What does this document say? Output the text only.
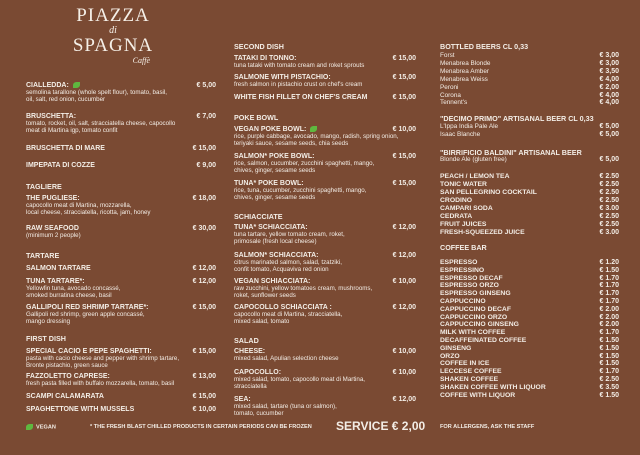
PIAZZA
di
SPAGNA
Caffè
CIALLEDDA:	€ 5,00
semolina tarallone (whole spelt flour), tomato, basil,
oil, salt, red onion, cucumber
BRUSCHETTA:	€ 7,00
tomato, rocket, oil, salt, stracciatella cheese, capocollo
meat di Martina igp, tomato confit
BRUSCHETTA DI MARE	€ 15,00
IMPEPATA DI COZZE	€ 9,00
TAGLIERE
THE PUGLIESE:	€ 18,00
capocollo meat di Martina, mozzarella,
local cheese, stracciatella, ricotta, jam, honey
RAW SEAFOOD	€ 30,00
(minimum 2 people)
TARTARE
SALMON TARTARE	€ 12,00
TUNA TARTARE*:	€ 12,00
Yellowfin tuna, avocado concassé,
smoked burratina cheese, basil
GALLIPOLI RED SHRIMP TARTARE*:	€ 15,00
Gallipoli red shrimp, green apple concassé,
mango dressing
FIRST DISH
SPECIAL CACIO E PEPE SPAGHETTI:	€ 15,00
pasta with cacio cheese and pepper with shrimp tartare,
Bronte pistachio, green sauce
FAZZOLETTO CAPRESE:	€ 13,00
fresh pasta filled with buffalo mozzarella, tomato, basil
SCAMPI CALAMARATA	€ 15,00
SPAGHETTONE WITH MUSSELS	€ 10,00
SECOND DISH
TATAKI DI TONNO:	€ 15,00
tuna tataki with tomato cream and roket sprouts
SALMONE WITH PISTACHIO:	€ 15,00
fresh salmon in pistachio crust on chef's cream
WHITE FISH FILLET ON CHEF'S CREAM	€ 15,00
POKE BOWL
VEGAN POKE BOWL:	€ 10,00
rice, purple cabbage, avocado, mango, radish, spring onion,
teriyaki sauce, sesame seeds, chia seeds
SALMON* POKE BOWL:	€ 15,00
rice, salmon, cucumber, zucchini spaghetti, mango,
chives, ginger, sesame seeds
TUNA* POKE BOWL:	€ 15,00
rice, tuna, cucumber, zucchini spaghetti, mango,
chives, ginger, sesame seeds
SCHIACCIATE
TUNA* SCHIACCIATA:	€ 12,00
tuna tartare, yellow tomato cream, roket,
primosale (fresh local cheese)
SALMON* SCHIACCIATA:	€ 12,00
citrus marinated salmon, salad, tzatziki,
confit tomato, Acquaviva red onion
VEGAN SCHIACCIATA:	€ 10,00
raw zucchini, yellow tomatoes cream, mushrooms,
roket, sunflower seeds
CAPOCOLLO SCHIACCIATA :	€ 12,00
capocollo meat di Martina, stracciatella,
mixed salad, tomato
SALAD
CHEESE:	€ 10,00
mixed salad, Apulian selection cheese
CAPOCOLLO:	€ 10,00
mixed salad, tomato, capocollo meat di Martina,
stracciatella
SEA:	€ 12,00
mixed salad, tartare (tuna or salmon),
tomato, cucumber
BOTTLED BEERS CL 0,33
Forst	€ 3,00
Menabrea Blonde	€ 3,00
Menabrea Amber	€ 3,50
Menabrea Weiss	€ 4,00
Peroni	€ 2,00
Corona	€ 4,00
Tennent's	€ 4,00
"DECIMO PRIMO" ARTISANAL BEER CL 0,33
L'Ippa India Pale Ale	€ 5,00
Isaac Blanche	€ 5,00
"BIRRIFICIO BALDINI" ARTISANAL BEER
Blonde Ale (gluten free)	€ 5,00
PEACH / LEMON TEA	€ 2.50
TONIC WATER	€ 2.50
SAN PELLEGRINO COCKTAIL	€ 2.50
CRODINO	€ 2.50
CAMPARI SODA	€ 3.00
CEDRATA	€ 2.50
FRUIT JUICES	€ 2.50
FRESH-SQUEEZED JUICE	€ 3.00
COFFEE BAR
ESPRESSO	€ 1.20
ESPRESSINO	€ 1.50
ESPRESSO DECAF	€ 1.70
ESPRESSO ORZO	€ 1.70
ESPRESSO GINSENG	€ 1.70
CAPPUCCINO	€ 1.70
CAPPUCCINO DECAF	€ 2.00
CAPPUCCINO ORZO	€ 2.00
CAPPUCCINO GINSENG	€ 2.00
MILK WITH COFFEE	€ 1.70
DECAFFEINATED COFFEE	€ 1.50
GINSENG	€ 1.50
ORZO	€ 1.50
COFFEE IN ICE	€ 1.50
LECCESE COFFEE	€ 1.70
SHAKEN COFFEE	€ 2.50
SHAKEN COFFEE WITH LIQUOR	€ 3.50
COFFEE WITH LIQUOR	€ 1.50
VEGAN	* THE FRESH BLAST CHILLED PRODUCTS IN CERTAIN PERIODS CAN BE FROZEN SERVICE € 2,00	FOR ALLERGENS, ASK THE STAFF
